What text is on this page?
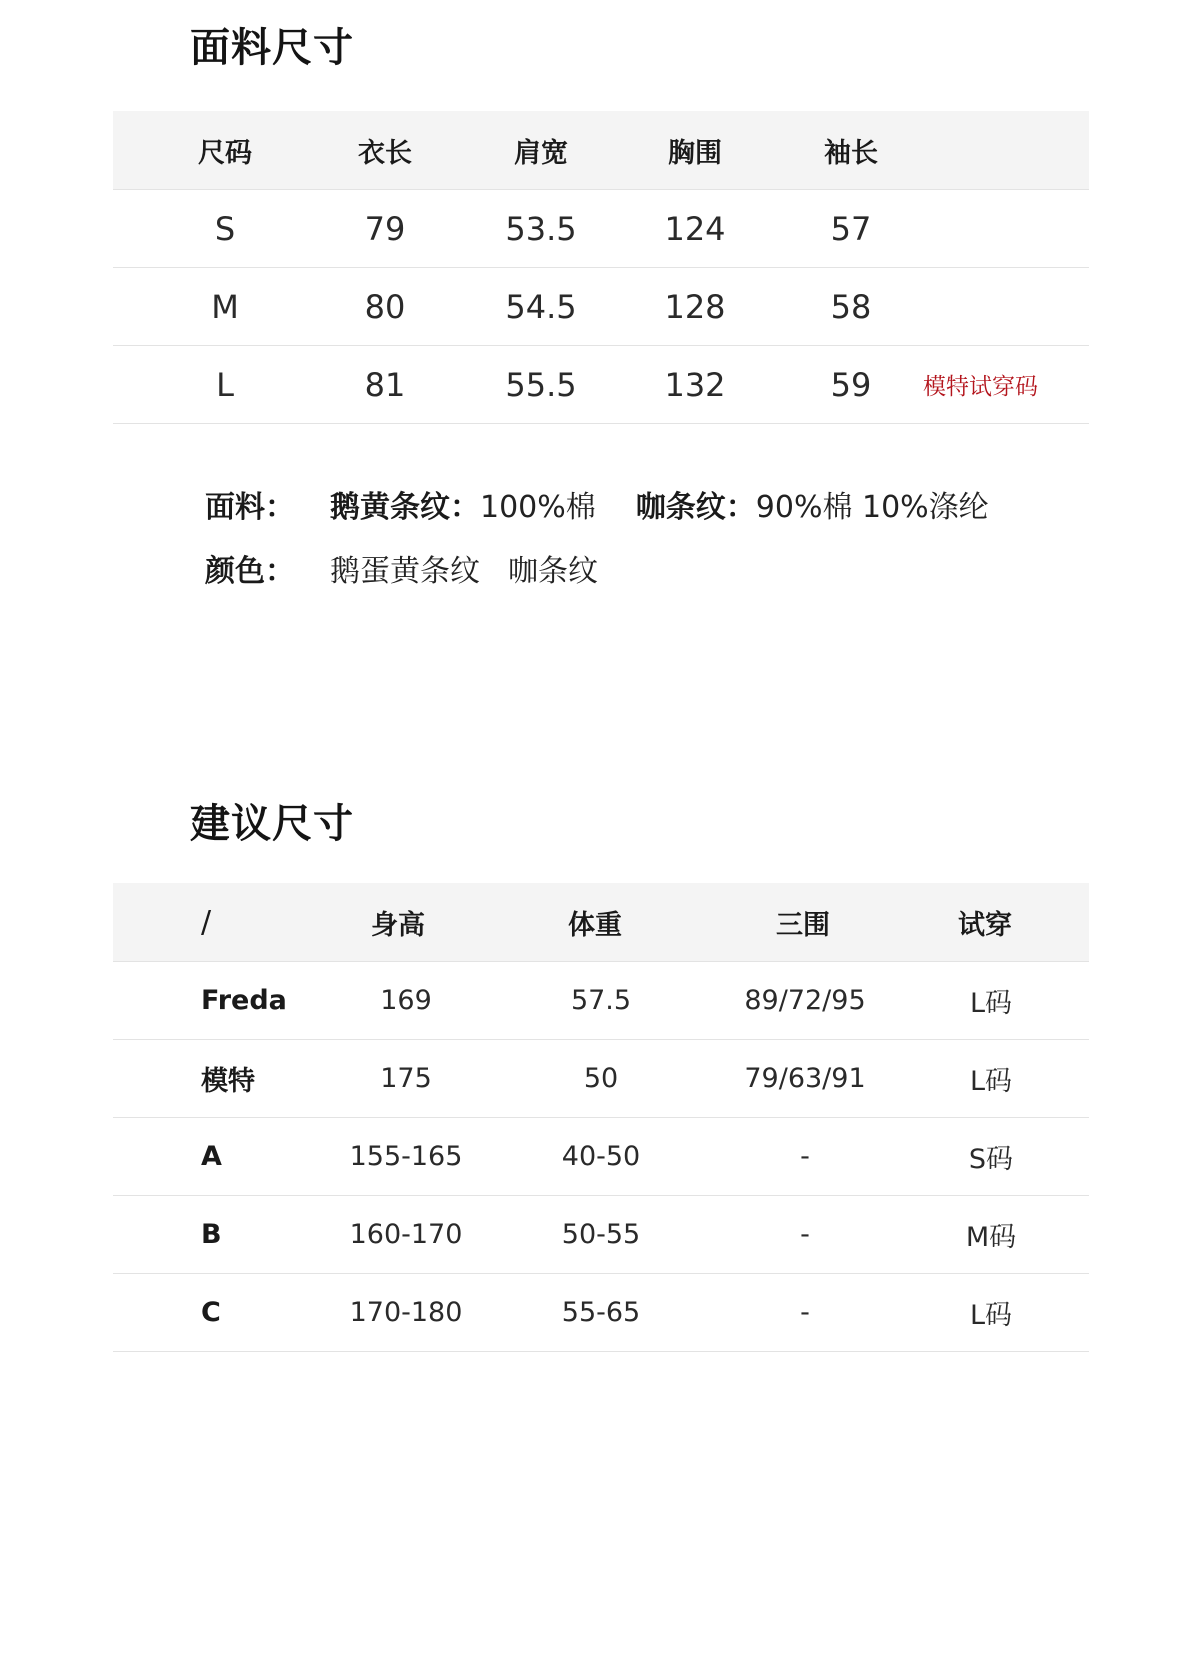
面料尺寸
尺码	衣长	肩宽	胸围	袖长
S	79	53.5	124	57
M	80	54.5	128	58
L	81	55.5	132	59	模特试穿码
面料： 鹅黄条纹：100%棉 咖条纹：90%棉 10%涤纶
颜色： 鹅蛋黄条纹 咖条纹
建议尺寸
/	身高	体重	三围	试穿
Freda	169	57.5	89/72/95	L码
模特	175	50	79/63/91	L码
A	155-165	40-50	-	S码
B	160-170	50-55	-	M码
C	170-180	55-65	-	L码
